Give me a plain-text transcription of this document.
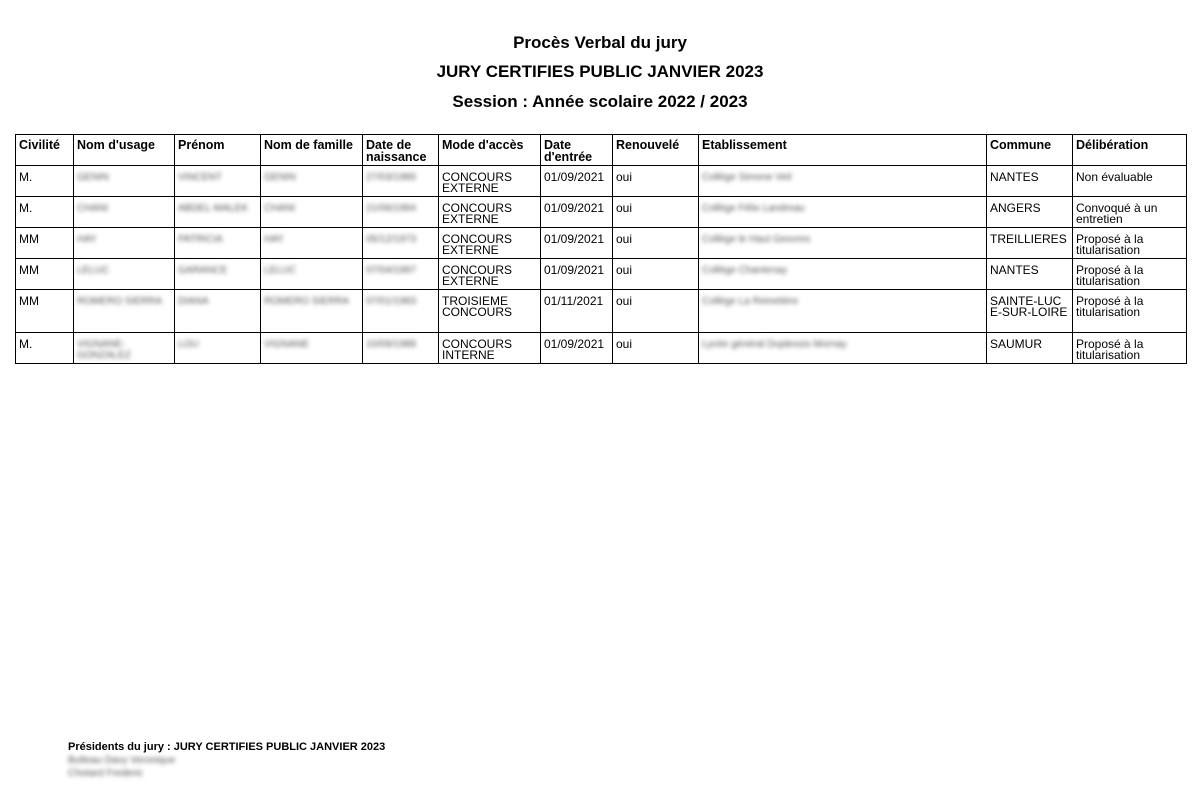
Procès Verbal du jury
JURY CERTIFIES PUBLIC JANVIER 2023
Session : Année scolaire 2022 / 2023
Civilité	Nom d'usage	Prénom	Nom de famille	Date de naissance	Mode d'accès	Date d'entrée	Renouvelé	Etablissement	Commune	Délibération
M.	GENIN	VINCENT	GENIN	27/03/1985	CONCOURS EXTERNE	01/09/2021	oui	Collège Simone Veil	NANTES	Non évaluable
M.	CHANI	ABDEL-MALEK	CHANI	21/06/1994	CONCOURS EXTERNE	01/09/2021	oui	Collège Félix Landreau	ANGERS	Convoqué à un entretien
MM	HAY	PATRICIA	HAY	05/12/1973	CONCOURS EXTERNE	01/09/2021	oui	Collège le Haut Gesvres	TREILLIERES	Proposé à la titularisation
MM	LELUC	GARANCE	LELUC	07/04/1997	CONCOURS EXTERNE	01/09/2021	oui	Collège Chantenay	NANTES	Proposé à la titularisation
MM	ROMERO SIERRA	DIANA	ROMERO SIERRA	07/01/1983	TROISIEME CONCOURS	01/11/2021	oui	Collège La Reinetière	SAINTE-LUCE-SUR-LOIRE	Proposé à la titularisation
M.	VIGNANE-GONZALEZ	LOU	VIGNANE	10/09/1988	CONCOURS INTERNE	01/09/2021	oui	Lycée général Duplessis Mornay	SAUMUR	Proposé à la titularisation
Présidents du jury : JURY CERTIFIES PUBLIC JANVIER 2023
Bulteau Davy Veronique
Chotard Frederic
